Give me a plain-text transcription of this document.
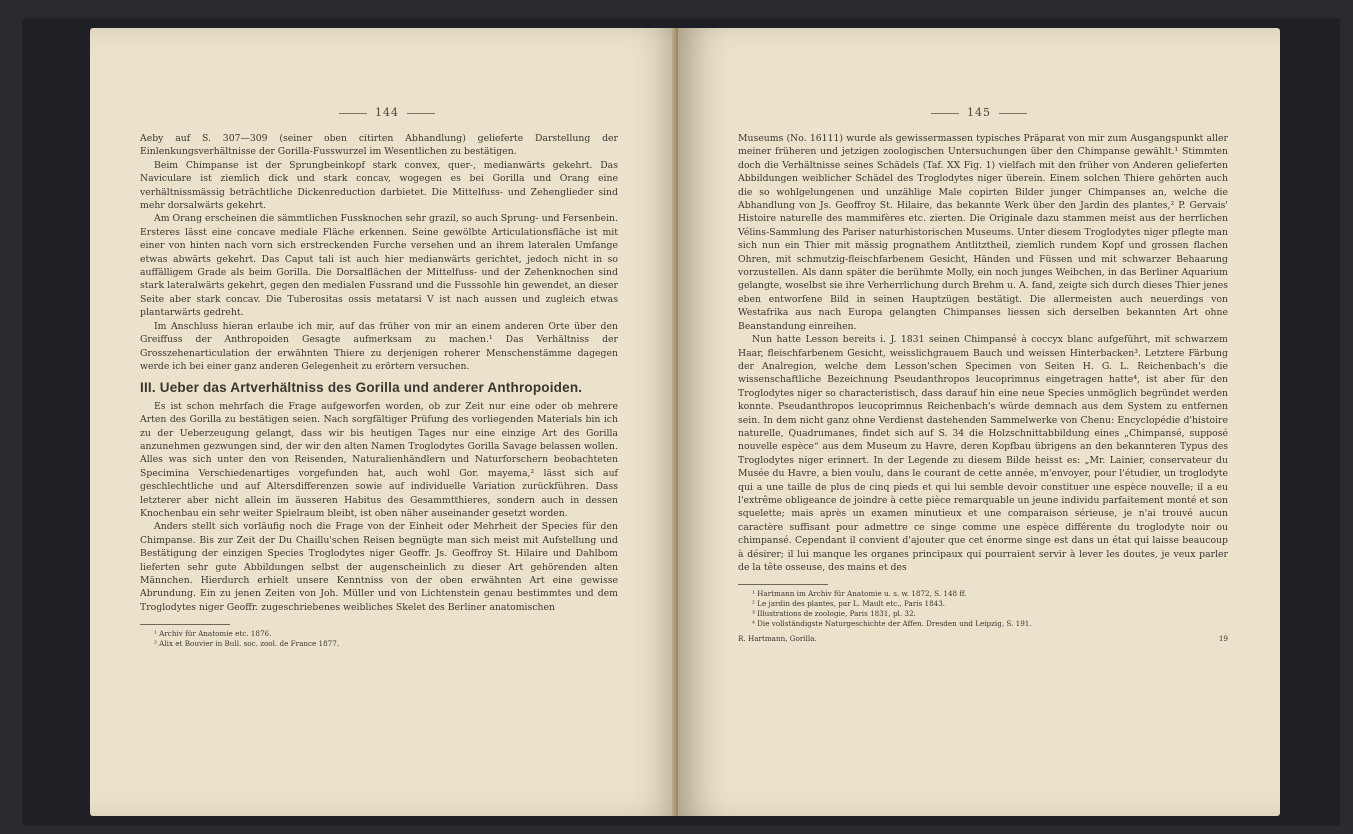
144

Aeby auf S. 307—309 (seiner oben citirten Abhandlung) gelieferte Darstellung der Einlenkungsverhältnisse der Gorilla-Fusswurzel im Wesentlichen zu bestätigen.

Beim Chimpanse ist der Sprungbeinkopf stark convex, quer-, medianwärts gekehrt. Das Naviculare ist ziemlich dick und stark concav, wogegen es bei Gorilla und Orang eine verhältnissmässig beträchtliche Dickenreduction darbietet. Die Mittelfuss- und Zehenglieder sind mehr dorsalwärts gekehrt.

Am Orang erscheinen die sämmtlichen Fussknochen sehr grazil, so auch Sprung- und Fersenbein. Ersteres lässt eine concave mediale Fläche erkennen. Seine gewölbte Articulationsfläche ist mit einer von hinten nach vorn sich erstreckenden Furche versehen und an ihrem lateralen Umfange etwas abwärts gekehrt. Das Caput tali ist auch hier medianwärts gerichtet, jedoch nicht in so auffälligem Grade als beim Gorilla. Die Dorsalflächen der Mittelfuss- und der Zehenknochen sind stark lateralwärts gekehrt, gegen den medialen Fussrand und die Fusssohle hin gewendet, an dieser Seite aber stark concav. Die Tuberositas ossis metatarsi V ist nach aussen und zugleich etwas plantarwärts gedreht.

Im Anschluss hieran erlaube ich mir, auf das früher von mir an einem anderen Orte über den Greiffuss der Anthropoiden Gesagte aufmerksam zu machen.¹ Das Verhältniss der Grosszehenarticulation der erwähnten Thiere zu derjenigen roherer Menschenstämme dagegen werde ich bei einer ganz anderen Gelegenheit zu erörtern versuchen.

III. Ueber das Artverhältniss des Gorilla und anderer Anthropoiden.

Es ist schon mehrfach die Frage aufgeworfen worden, ob zur Zeit nur eine oder ob mehrere Arten des Gorilla zu bestätigen seien. Nach sorgfältiger Prüfung des vorliegenden Materials bin ich zu der Ueberzeugung gelangt, dass wir bis heutigen Tages nur eine einzige Art des Gorilla anzunehmen gezwungen sind, der wir den alten Namen Troglodytes Gorilla Savage belassen wollen. Alles was sich unter den von Reisenden, Naturalienhändlern und Naturforschern beobachteten Specimina Verschiedenartiges vorgefunden hat, auch wohl Gor. mayema,² lässt sich auf geschlechtliche und auf Altersdifferenzen sowie auf individuelle Variation zurückführen. Dass letzterer aber nicht allein im äusseren Habitus des Gesammtthieres, sondern auch in dessen Knochenbau ein sehr weiter Spielraum bleibt, ist oben näher auseinander gesetzt worden.

Anders stellt sich vorläufig noch die Frage von der Einheit oder Mehrheit der Species für den Chimpanse. Bis zur Zeit der Du Chaillu'schen Reisen begnügte man sich meist mit Aufstellung und Bestätigung der einzigen Species Troglodytes niger Geoffr. Js. Geoffroy St. Hilaire und Dahlbom lieferten sehr gute Abbildungen selbst der augenscheinlich zu dieser Art gehörenden alten Männchen. Hierdurch erhielt unsere Kenntniss von der oben erwähnten Art eine gewisse Abrundung. Ein zu jenen Zeiten von Joh. Müller und von Lichtenstein genau bestimmtes und dem Troglodytes niger Geoffr. zugeschriebenes weibliches Skelet des Berliner anatomischen

¹ Archiv für Anatomie etc. 1876.

² Alix et Bouvier in Bull. soc. zool. de France 1877.

145

Museums (No. 16111) wurde als gewissermassen typisches Präparat von mir zum Ausgangspunkt aller meiner früheren und jetzigen zoologischen Untersuchungen über den Chimpanse gewählt.¹ Stimmten doch die Verhältnisse seines Schädels (Taf. XX Fig. 1) vielfach mit den früher von Anderen gelieferten Abbildungen weiblicher Schädel des Troglodytes niger überein. Einem solchen Thiere gehörten auch die so wohlgelungenen und unzählige Male copirten Bilder junger Chimpanses an, welche die Abhandlung von Js. Geoffroy St. Hilaire, das bekannte Werk über den Jardin des plantes,² P. Gervais' Histoire naturelle des mammifères etc. zierten. Die Originale dazu stammen meist aus der herrlichen Vélins-Sammlung des Pariser naturhistorischen Museums. Unter diesem Troglodytes niger pflegte man sich nun ein Thier mit mässig prognathem Antlitztheil, ziemlich rundem Kopf und grossen flachen Ohren, mit schmutzig-fleischfarbenem Gesicht, Händen und Füssen und mit schwarzer Behaarung vorzustellen. Als dann später die berühmte Molly, ein noch junges Weibchen, in das Berliner Aquarium gelangte, woselbst sie ihre Verherrlichung durch Brehm u. A. fand, zeigte sich durch dieses Thier jenes eben entworfene Bild in seinen Hauptzügen bestätigt. Die allermeisten auch neuerdings von Westafrika aus nach Europa gelangten Chimpanses liessen sich derselben bekannten Art ohne Beanstandung einreihen.

Nun hatte Lesson bereits i. J. 1831 seinen Chimpansé à coccyx blanc aufgeführt, mit schwarzem Haar, fleischfarbenem Gesicht, weisslichgrauem Bauch und weissen Hinterbacken³. Letztere Färbung der Analregion, welche dem Lesson'schen Specimen von Seiten H. G. L. Reichenbach's die wissenschaftliche Bezeichnung Pseudanthropos leucoprimnus eingetragen hatte⁴, ist aber für den Troglodytes niger so characteristisch, dass darauf hin eine neue Species unmöglich begründet werden konnte. Pseudanthropos leucoprimnus Reichenbach's würde demnach aus dem System zu entfernen sein. In dem nicht ganz ohne Verdienst dastehenden Sammelwerke von Chenu: Encyclopédie d'histoire naturelle, Quadrumanes, findet sich auf S. 34 die Holzschnittabbildung eines „Chimpansé, supposé nouvelle espèce“ aus dem Museum zu Havre, deren Kopfbau übrigens an den bekannteren Typus des Troglodytes niger erinnert. In der Legende zu diesem Bilde heisst es: „Mr. Lainier, conservateur du Musée du Havre, a bien voulu, dans le courant de cette année, m'envoyer, pour l'étudier, un troglodyte qui a une taille de plus de cinq pieds et qui lui semble devoir constituer une espèce nouvelle; il a eu l'extrême obligeance de joindre à cette pièce remarquable un jeune individu parfaitement monté et son squelette; mais après un examen minutieux et une comparaison sérieuse, je n'ai trouvé aucun caractère suffisant pour admettre ce singe comme une espèce différente du troglodyte noir ou chimpansé. Cependant il convient d'ajouter que cet énorme singe est dans un état qui laisse beaucoup à désirer; il lui manque les organes principaux qui pourraient servir à lever les doutes, je veux parler de la tête osseuse, des mains et des

¹ Hartmann im Archiv für Anatomie u. s. w. 1872, S. 148 ff.

² Le jardin des plantes, par L. Mault etc., Paris 1843.

³ Illustrations de zoologie, Paris 1831, pl. 32.

⁴ Die vollständigste Naturgeschichte der Affen. Dresden und Leipzig, S. 191.

R. Hartmann, Gorilla.	19
